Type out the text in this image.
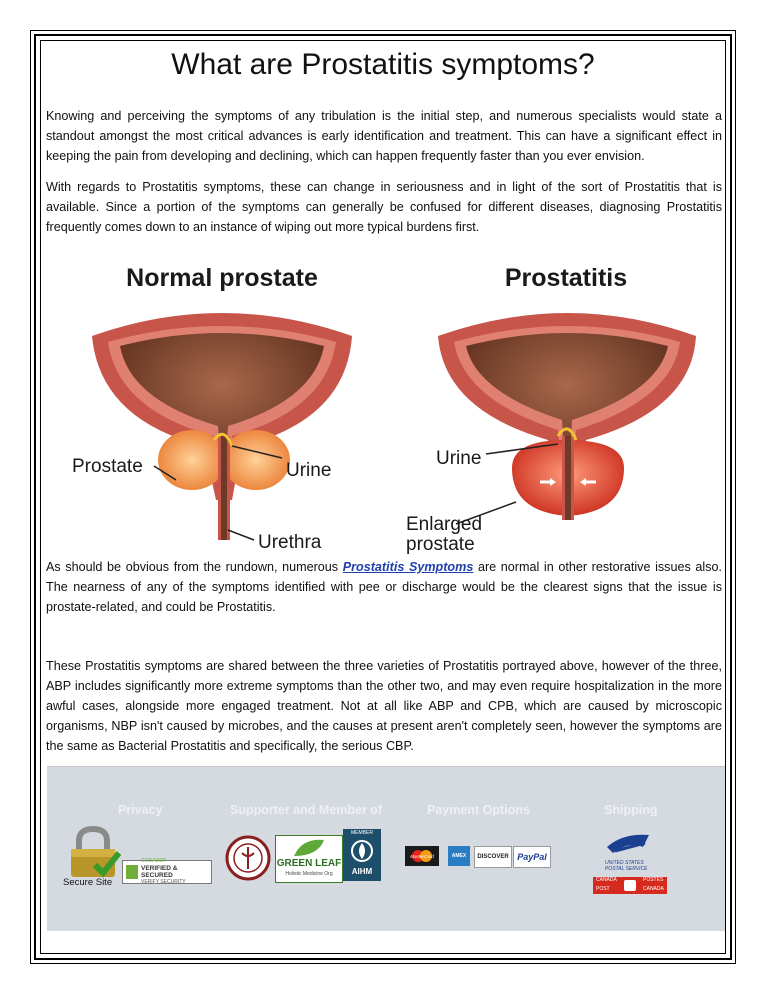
What are Prostatitis symptoms?

Knowing and perceiving the symptoms of any tribulation is the initial step, and numerous specialists would state a standout amongst the most critical advances is early identification and treatment. This can have a significant effect in keeping the pain from developing and declining, which can happen frequently faster than you ever envision.

With regards to Prostatitis symptoms, these can change in seriousness and in light of the sort of Prostatitis that is available. Since a portion of the symptoms can generally be confused for different diseases, diagnosing Prostatitis frequently comes down to an instance of wiping out more typical burdens first.

Normal prostate	Prostatitis
Prostate	Urine
Urethra
Urine
Enlarged
prostate

As should be obvious from the rundown, numerous Prostatitis Symptoms are normal in other restorative issues also. The nearness of any of the symptoms identified with pee or discharge would be the clearest signs that the issue is prostate-related, and could be Prostatitis.

These Prostatitis symptoms are shared between the three varieties of Prostatitis portrayed above, however of the three, ABP includes significantly more extreme symptoms than the other two, and may even require hospitalization in the more awful cases, alongside more engaged treatment. Not at all like ABP and CPB, which are caused by microscopic organisms, NBP isn't caused by microbes, and the causes at present aren't completely seen, however the symptoms are the same as Bacterial Prostatitis and specifically, the serious CBP.

Privacy	Supporter and Member of	Payment Options	Shipping
Secure Site
GODADDY
VERIFIED & SECURED
VERIFY SECURITY
GREEN LEAF
Holistic Medicine Org
MEMBER
AIHM
MasterCard	AMEX	DISCOVER PayPal
UNITED STATES
POSTAL SERVICE
CANADA	POSTES
POST	CANADA
